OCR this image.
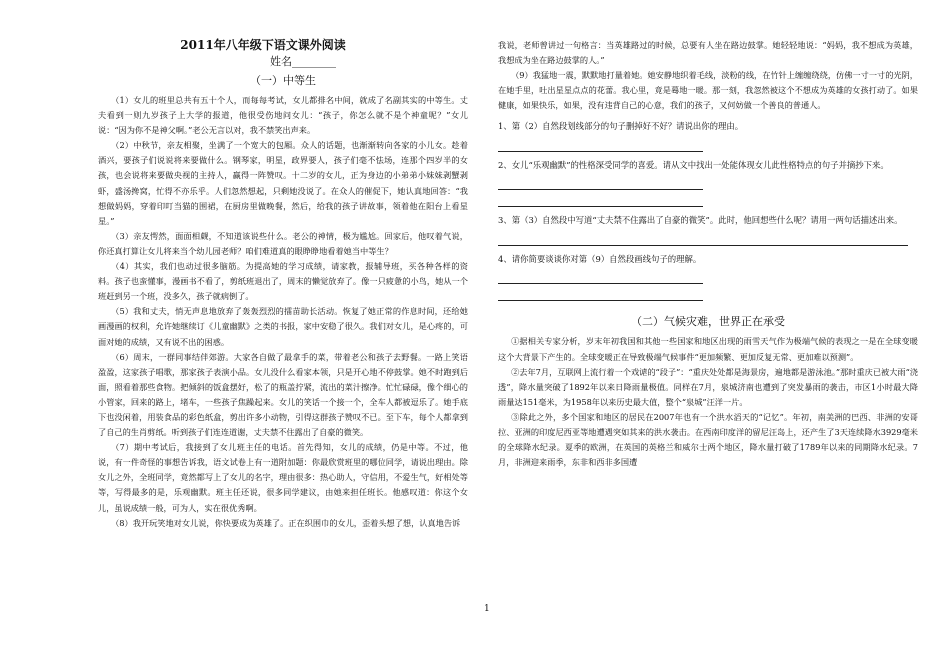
2011年八年级下语文课外阅读
姓名________
（一）中等生

（1）女儿的班里总共有五十个人，而每每考试，女儿都排名中间，就成了名副其实的中等生。丈夫看到一则九岁孩子上大学的报道，他很受伤地问女儿：“孩子，你怎么就不是个神童呢？”女儿说：“因为你不是神父啊。”老公无言以对，我不禁笑出声来。

（2）中秋节，亲友相聚，坐满了一个宽大的包厢。众人的话题，也渐渐转向各家的小儿女。趁着酒兴，要孩子们说说将来要做什么。钢琴家，明星，政界要人，孩子们毫不怯场，连那个四岁半的女孩，也会说将来要做央视的主持人，赢得一阵赞叹。十二岁的女儿，正为身边的小弟弟小妹妹剥蟹剥虾，盛汤搀窝，忙得不亦乐乎。人们忽然想起，只剩她没说了。在众人的催促下，她认真地回答：“我想做妈妈，穿着印叮当猫的围裙，在厨房里做晚餐，然后，给我的孩子讲故事，领着他在阳台上看星星。”

（3）亲友愕然，面面相觑，不知道该说些什么。老公的神情，极为尴尬。回家后，他叹着气说，你还真打算让女儿将来当个幼儿园老师？咱们难道真的眼睁睁地看着她当中等生？

（4）其实，我们也动过很多脑筋。为提高她的学习成绩，请家教，报辅导班，买各种各样的资料。孩子也蛮懂事，漫画书不看了，剪纸班退出了，周末的懒觉放弃了。像一只疲惫的小鸟，她从一个班赶到另一个班，没多久，孩子就病倒了。

（5）我和丈夫，悄无声息地放弃了轰轰烈烈的擂苗助长活动。恢复了她正常的作息时间，还给她画漫画的权利，允许她继续订《儿童幽默》之类的书报，家中安稳了很久。我们对女儿，是心疼的，可面对她的成绩，又有说不出的困惑。

（6）周末，一群同事结伴郊游。大家各自做了最拿手的菜，带着老公和孩子去野餐。一路上笑语盈盈，这家孩子唱歌，那家孩子表演小品。女儿没什么看家本领，只是开心地不停鼓掌。她不时跑到后面，照看着那些食物。把倾斜的饭盒摆好，松了的瓶盖拧紧，流出的菜汁擦净。忙忙碌碌，像个细心的小管家，回来的路上，堵车，一些孩子焦躁起来。女儿的笑话一个接一个，全车人都被逗乐了。她手底下也没闲着，用装食品的彩色纸盒，剪出许多小动物，引得这群孩子赞叹不已。至下车，每个人都拿到了自己的生肖剪纸。听到孩子们连连道谢，丈夫禁不住露出了自豪的微笑。

（7）期中考试后，我接到了女儿班主任的电话。首先得知，女儿的成绩，仍是中等。不过，他说，有一件奇怪的事想告诉我，语文试卷上有一道附加题：你最欣赏班里的哪位同学，请说出理由。除女儿之外，全班同学，竟然都写上了女儿的名字，理由很多：热心助人，守信用，不爱生气，好相处等等，写得最多的是，乐观幽默。班主任还说，很多同学建议，由她来担任班长。他感叹道：你这个女儿，虽说成绩一般，可为人，实在很优秀啊。

（8）我开玩笑地对女儿说，你快要成为英雄了。正在织围巾的女儿，歪着头想了想，认真地告诉

我说，老师曾讲过一句格言：当英雄路过的时候，总要有人坐在路边鼓掌。她轻轻地说：“妈妈，我不想成为英雄，我想成为坐在路边鼓掌的人。”

（9）我猛地一震，默默地打量着她。她安静地织着毛线，淡粉的线，在竹针上缠缠绕绕，仿佛一寸一寸的光阴，在她手里，吐出星星点点的花蕾。我心里，竟是蓦地一暖。那一刻，我忽然被这个不想成为英雄的女孩打动了。如果健康，如果快乐，如果，没有违背自己的心意，我们的孩子，又何妨做一个善良的普通人。

1、第（2）自然段划线部分的句子删掉好不好？请说出你的理由。

2、女儿“乐观幽默”的性格深受同学的喜爱。请从文中找出一处能体现女儿此性格特点的句子并摘抄下来。

3、第（3）自然段中写道“丈夫禁不住露出了自豪的微笑”。此时，他回想些什么呢？请用一两句话描述出来。

4、请你简要谈谈你对第（9）自然段画线句子的理解。

（二）气候灾难，世界正在承受

①据相关专家分析，岁末年初我国和其他一些国家和地区出现的雨雪天气作为极端气候的表现之一是在全球变暖这个大背景下产生的。全球变暖正在导致极端气候事件“更加频繁、更加反复无常、更加难以预测”。

②去年7月，互联网上流行着一个戏谑的“段子”：“重庆处处都是海景房，遍地都是游泳池。”那时重庆已被大雨“浇透”，降水量突破了1892年以来日降雨量极值。同样在7月，泉城济南也遭到了突发暴雨的袭击，市区1小时最大降雨量达151毫米，为1958年以来历史最大值，整个“泉城”汪洋一片。

③除此之外，多个国家和地区的居民在2007年也有一个洪水滔天的“记忆”。年初，南美洲的巴西、非洲的安哥拉、亚洲的印度尼西亚等地遭遇突如其来的洪水袭击。在西南印度洋的留尼汪岛上，还产生了3天连续降水3929毫米的全球降水纪录。夏季的欧洲，在英国的英格兰和威尔士两个地区，降水量打破了1789年以来的同期降水纪录。7月，非洲迎来雨季，东非和西非多国遭

1
